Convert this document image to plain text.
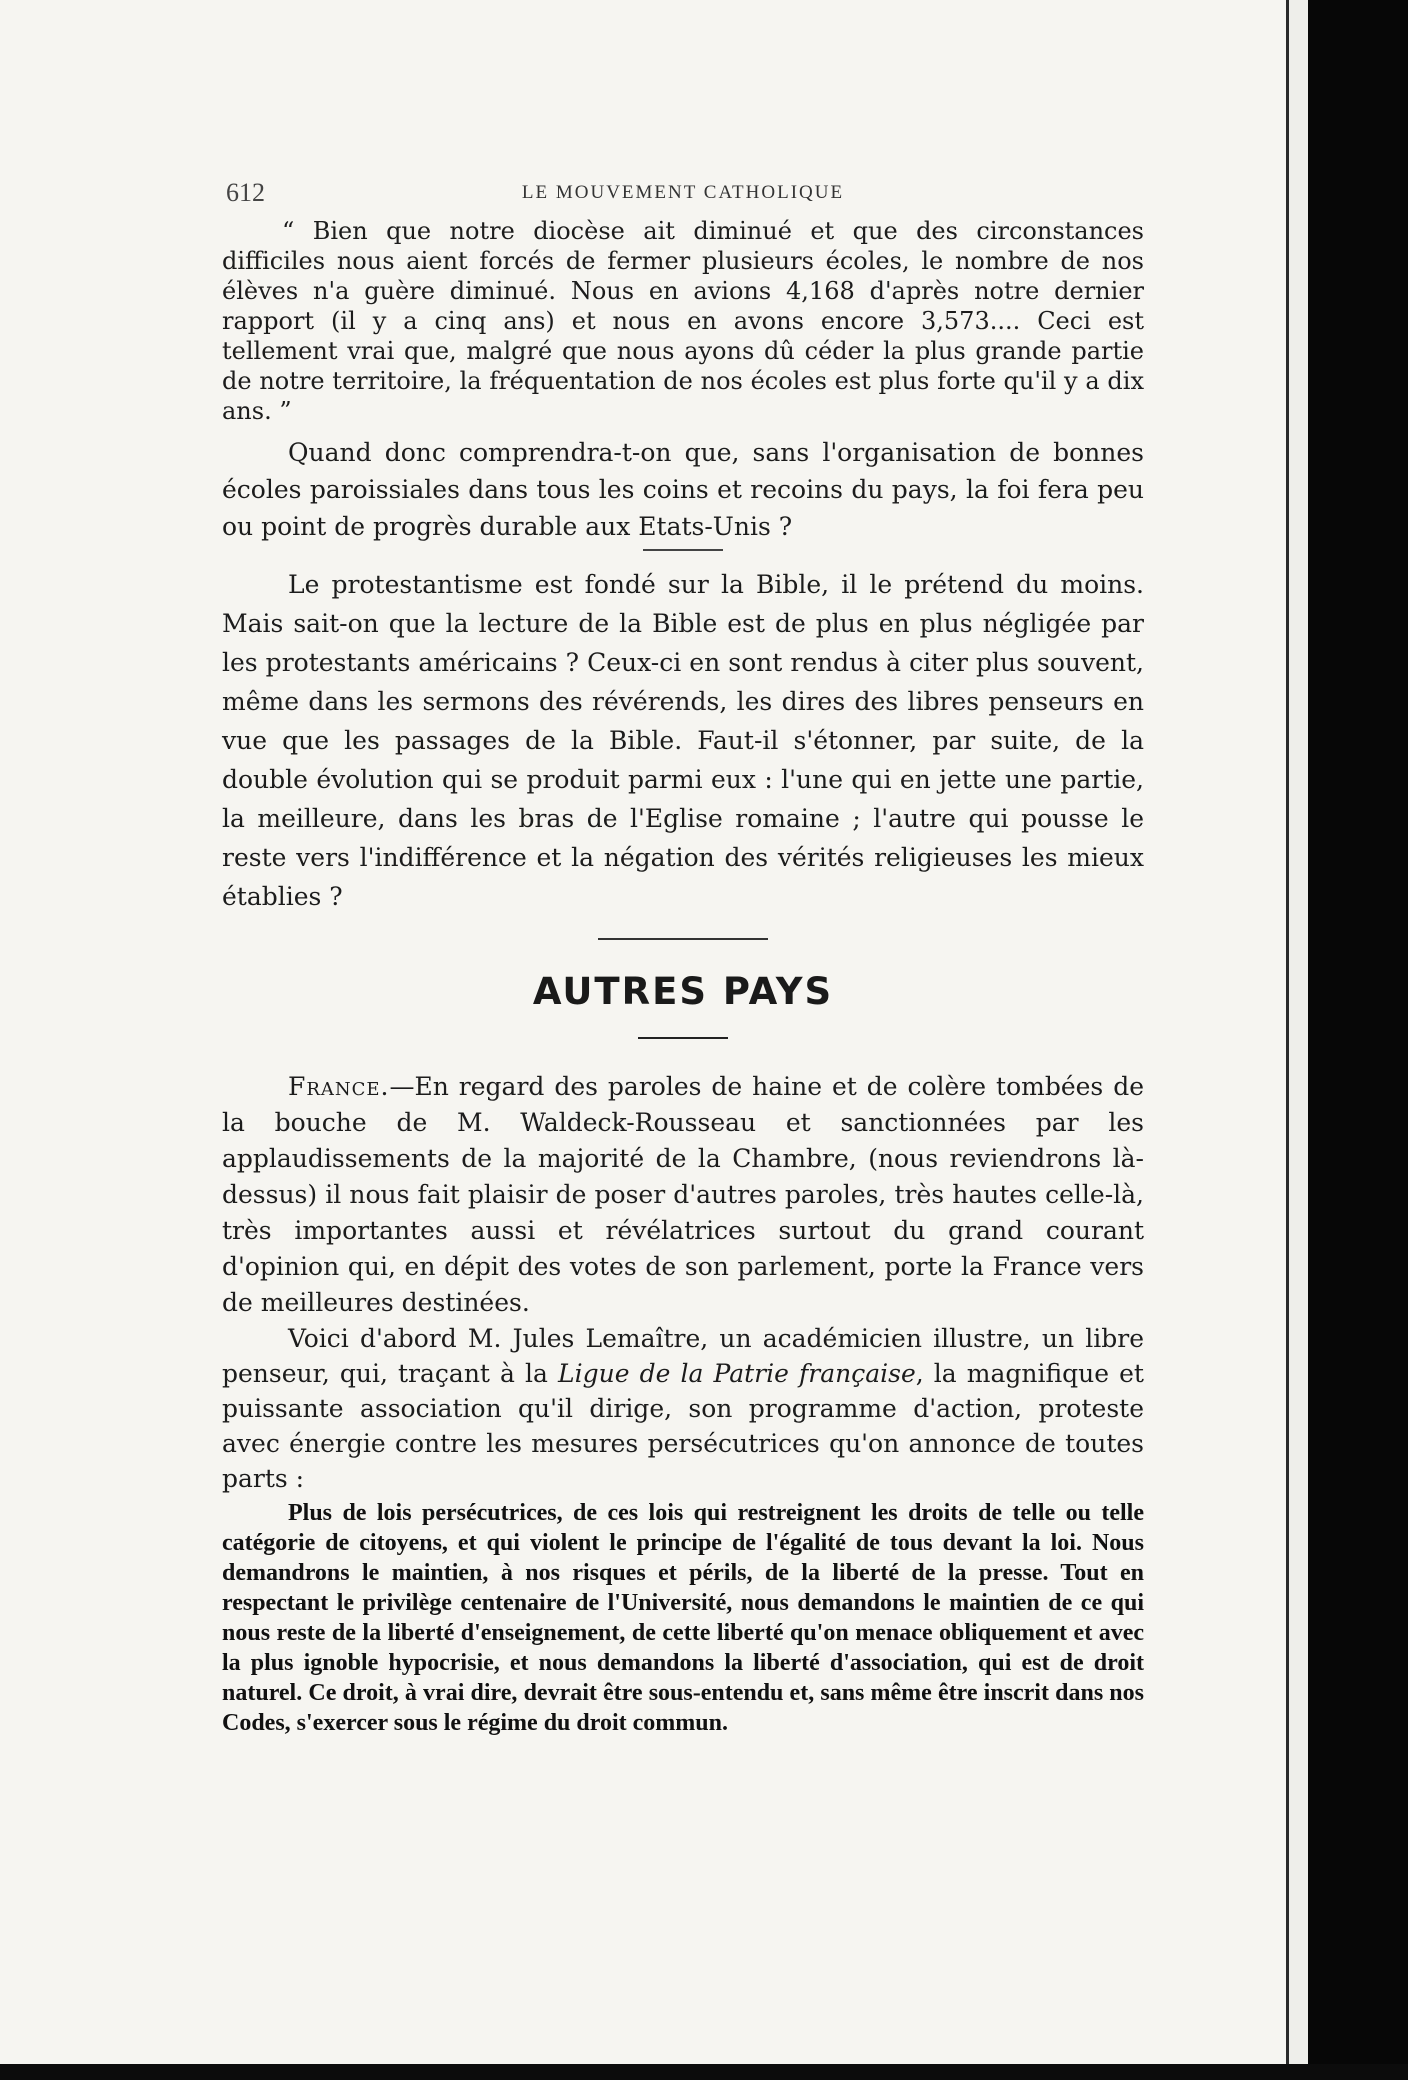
612	LE MOUVEMENT CATHOLIQUE

“ Bien que notre diocèse ait diminué et que des circonstances difficiles nous aient forcés de fermer plusieurs écoles, le nombre de nos élèves n'a guère diminué. Nous en avions 4,168 d'après notre dernier rapport (il y a cinq ans) et nous en avons encore 3,573.... Ceci est tellement vrai que, malgré que nous ayons dû céder la plus grande partie de notre territoire, la fréquentation de nos écoles est plus forte qu'il y a dix ans. ”

Quand donc comprendra-t-on que, sans l'organisation de bonnes écoles paroissiales dans tous les coins et recoins du pays, la foi fera peu ou point de progrès durable aux Etats-Unis ?

Le protestantisme est fondé sur la Bible, il le prétend du moins. Mais sait-on que la lecture de la Bible est de plus en plus négligée par les protestants américains ? Ceux-ci en sont rendus à citer plus souvent, même dans les sermons des révérends, les dires des libres penseurs en vue que les passages de la Bible. Faut-il s'étonner, par suite, de la double évolution qui se produit parmi eux : l'une qui en jette une partie, la meilleure, dans les bras de l'Eglise romaine ; l'autre qui pousse le reste vers l'indifférence et la négation des vérités religieuses les mieux établies ?

AUTRES PAYS

France.—En regard des paroles de haine et de colère tombées de la bouche de M. Waldeck-Rousseau et sanctionnées par les applaudissements de la majorité de la Chambre, (nous reviendrons là-dessus) il nous fait plaisir de poser d'autres paroles, très hautes celle-là, très importantes aussi et révélatrices surtout du grand courant d'opinion qui, en dépit des votes de son parlement, porte la France vers de meilleures destinées.

Voici d'abord M. Jules Lemaître, un académicien illustre, un libre penseur, qui, traçant à la Ligue de la Patrie française, la magnifique et puissante association qu'il dirige, son programme d'action, proteste avec énergie contre les mesures persécutrices qu'on annonce de toutes parts :

Plus de lois persécutrices, de ces lois qui restreignent les droits de telle ou telle catégorie de citoyens, et qui violent le principe de l'égalité de tous devant la loi. Nous demandrons le maintien, à nos risques et périls, de la liberté de la presse. Tout en respectant le privilège centenaire de l'Université, nous demandons le maintien de ce qui nous reste de la liberté d'enseignement, de cette liberté qu'on menace obliquement et avec la plus ignoble hypocrisie, et nous demandons la liberté d'association, qui est de droit naturel. Ce droit, à vrai dire, devrait être sous-entendu et, sans même être inscrit dans nos Codes, s'exercer sous le régime du droit commun.
